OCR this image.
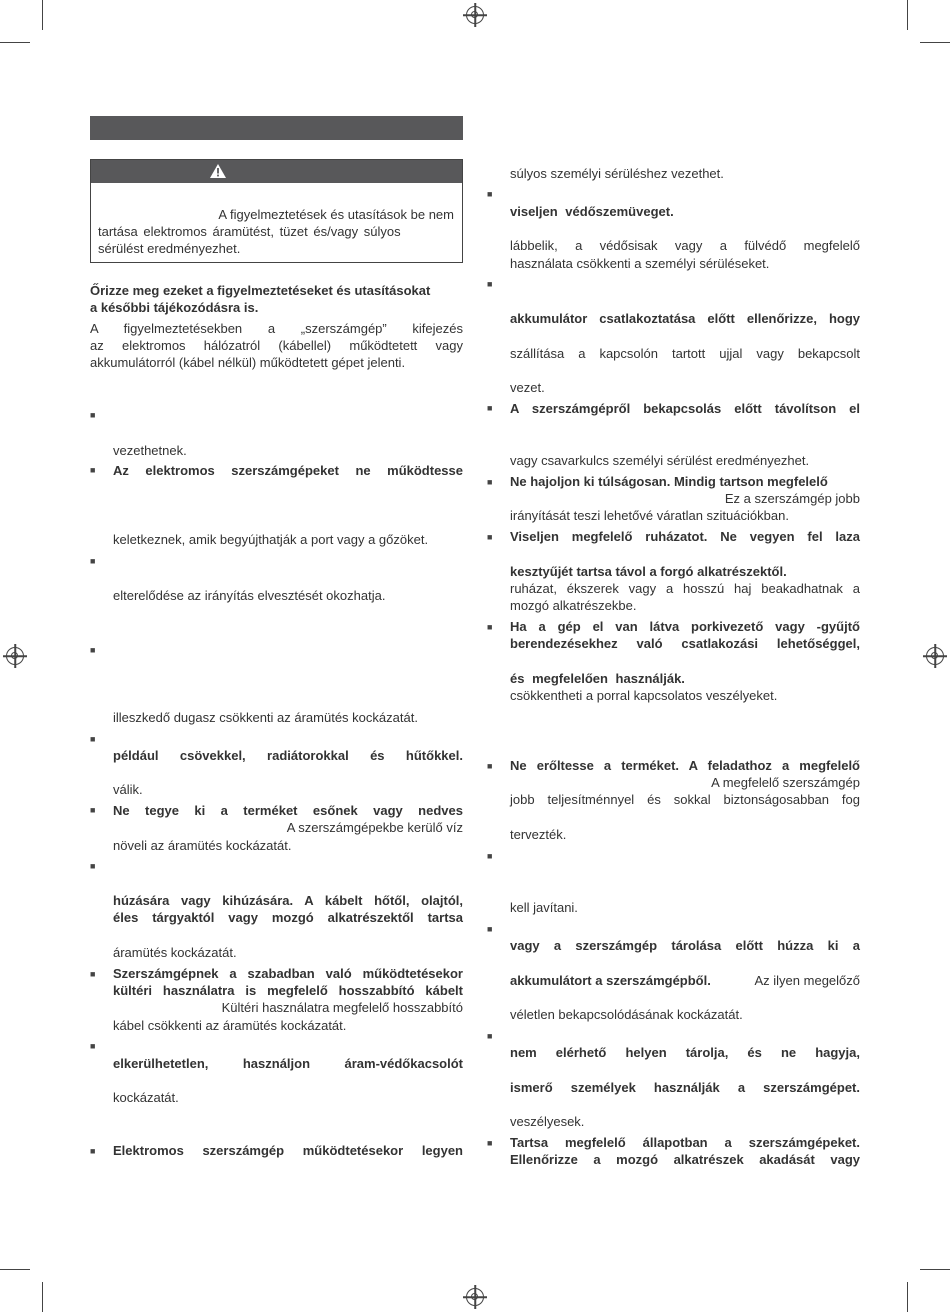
A figyelmeztetések és utasítások be nem
tartása elektromos áramütést, tüzet és/vagy súlyos
sérülést eredményezhet.
Őrizze meg ezeket a figyelmeztetéseket és utasításokat
a későbbi tájékozódásra is.
A figyelmeztetésekben a „szerszámgép” kifejezés
az elektromos hálózatról (kábellel) működtetett vagy
akkumulátorról (kábel nélkül) működtetett gépet jelenti.
■
vezethetnek.
■ Az elektromos szerszámgépeket ne működtesse
keletkeznek, amik begyújthatják a port vagy a gőzöket.
■
elterelődése az irányítás elvesztését okozhatja.
■
illeszkedő dugasz csökkenti az áramütés kockázatát.
■
például csövekkel, radiátorokkal és hűtőkkel.
válik.
■ Ne tegye ki a terméket esőnek vagy nedves
A szerszámgépekbe kerülő víz
növeli az áramütés kockázatát.
■
húzására vagy kihúzására. A kábelt hőtől, olajtól,
éles tárgyaktól vagy mozgó alkatrészektől tartsa
áramütés kockázatát.
■ Szerszámgépnek a szabadban való működtetésekor
kültéri használatra is megfelelő hosszabbító kábelt
Kültéri használatra megfelelő hosszabbító
kábel csökkenti az áramütés kockázatát.
■
elkerülhetetlen, használjon áram-védőkacsolót
kockázatát.
■ Elektromos szerszámgép működtetésekor legyen
súlyos személyi sérüléshez vezethet.
■
viseljen védőszemüveget.
lábbelik, a védősisak vagy a fülvédő megfelelő
használata csökkenti a személyi sérüléseket.
■
akkumulátor csatlakoztatása előtt ellenőrizze, hogy
szállítása a kapcsolón tartott ujjal vagy bekapcsolt
vezet.
■ A szerszámgépről bekapcsolás előtt távolítson el
vagy csavarkulcs személyi sérülést eredményezhet.
■ Ne hajoljon ki túlságosan. Mindig tartson megfelelő
Ez a szerszámgép jobb
irányítását teszi lehetővé váratlan szituációkban.
■ Viseljen megfelelő ruházatot. Ne vegyen fel laza
kesztyűjét tartsa távol a forgó alkatrészektől.
ruházat, ékszerek vagy a hosszú haj beakadhatnak a
mozgó alkatrészekbe.
■ Ha a gép el van látva porkivezető vagy -gyűjtő
berendezésekhez való csatlakozási lehetőséggel,
és megfelelően használják.
csökkentheti a porral kapcsolatos veszélyeket.
■ Ne erőltesse a terméket. A feladathoz a megfelelő
A megfelelő szerszámgép
jobb teljesítménnyel és sokkal biztonságosabban fog
tervezték.
■
kell javítani.
■
vagy a szerszámgép tárolása előtt húzza ki a
akkumulátort a szerszámgépből.	Az ilyen megelőző
véletlen bekapcsolódásának kockázatát.
■
nem elérhető helyen tárolja, és ne hagyja,
ismerő személyek használják a szerszámgépet.
veszélyesek.
■ Tartsa megfelelő állapotban a szerszámgépeket.
Ellenőrizze a mozgó alkatrészek akadását vagy
